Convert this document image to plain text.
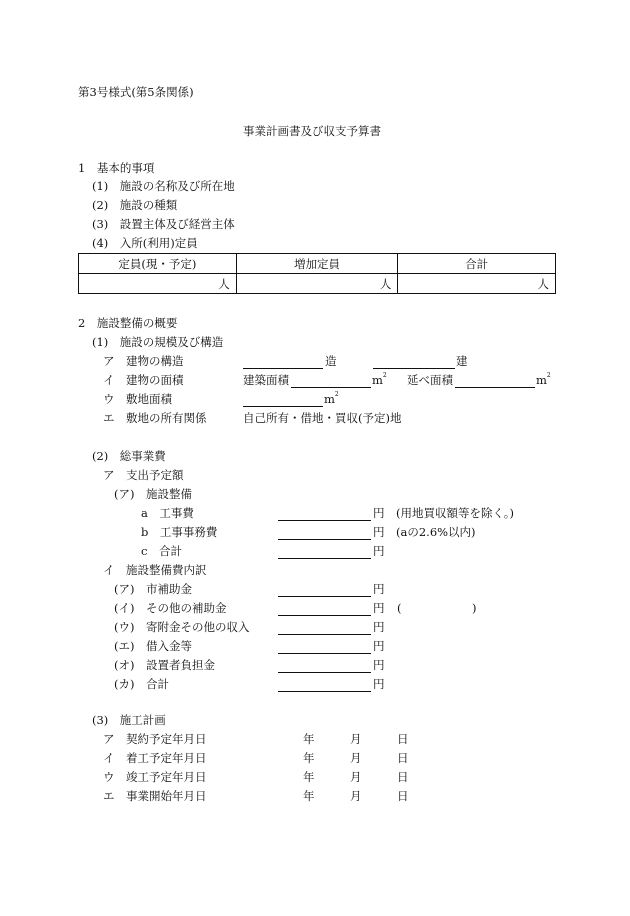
第3号様式(第5条関係)
事業計画書及び収支予算書
1　基本的事項
(1)　施設の名称及び所在地
(2)　施設の種類
(3)　設置主体及び経営主体
(4)　入所(利用)定員
定員(現・予定)	増加定員	合計
人	人	人
2　施設整備の概要
(1)　施設の規模及び構造
ア　建物の構造	造	建
イ　建物の面積	建築面積	$m^2$ 延べ面積	$m^2$
ウ　敷地面積	$m^2$
エ　敷地の所有関係	自己所有・借地・買収(予定)地
(2)　総事業費
ア　支出予定額
(ア)　施設整備
a　工事費	円 (用地買収額等を除く。)
b　工事事務費	円 (aの2.6%以内)
c　合計	円
イ　施設整備費内訳
(ア)　市補助金	円
(イ)　その他の補助金	円 (	)
(ウ)　寄附金その他の収入	円
(エ)　借入金等	円
(オ)　設置者負担金	円
(カ)　合計	円
(3)　施工計画
ア　契約予定年月日	年	月	日
イ　着工予定年月日	年	月	日
ウ　竣工予定年月日	年	月	日
エ　事業開始年月日	年	月	日
